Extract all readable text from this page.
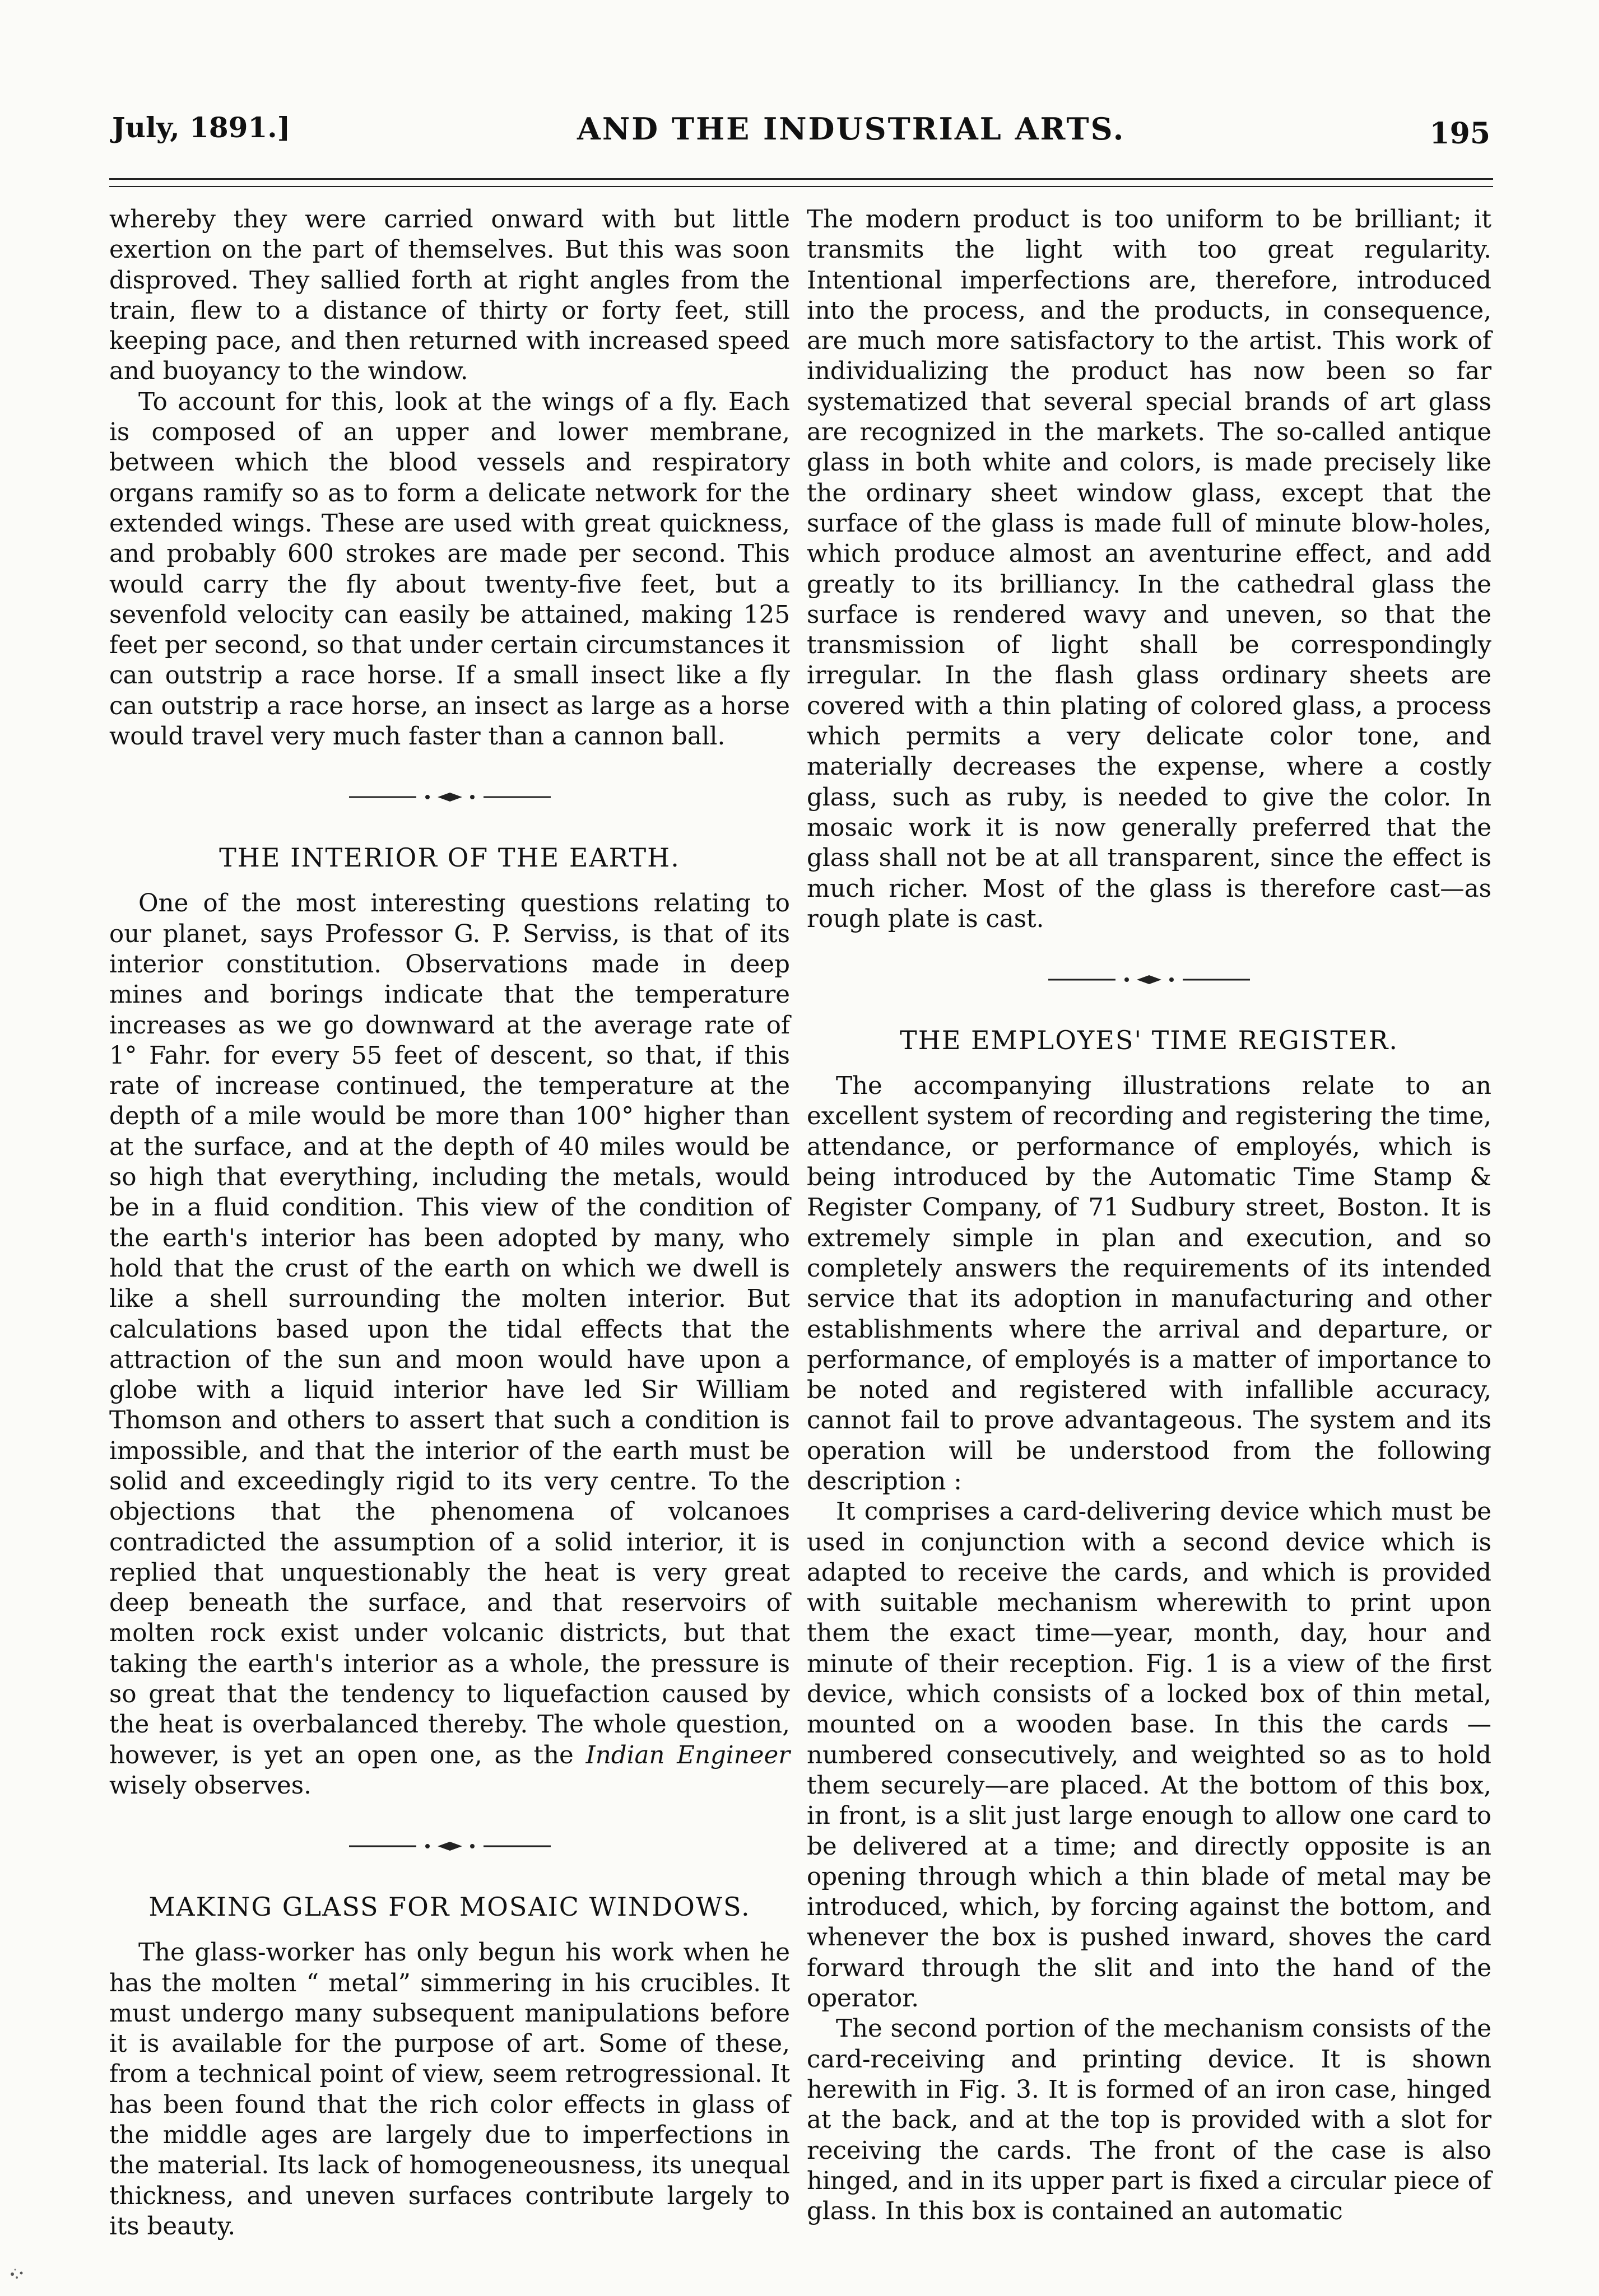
July, 1891.]	AND THE INDUSTRIAL ARTS.	195

whereby they were carried onward with but little exertion on the part of themselves. But this was soon disproved. They sallied forth at right angles from the train, flew to a distance of thirty or forty feet, still keeping pace, and then returned with increased speed and buoyancy to the window.

To account for this, look at the wings of a fly. Each is composed of an upper and lower membrane, between which the blood vessels and respiratory organs ramify so as to form a delicate network for the extended wings. These are used with great quickness, and probably 600 strokes are made per second. This would carry the fly about twenty-five feet, but a sevenfold velocity can easily be attained, making 125 feet per second, so that under certain circumstances it can outstrip a race horse. If a small insect like a fly can outstrip a race horse, an insect as large as a horse would travel very much faster than a cannon ball.

THE INTERIOR OF THE EARTH.

One of the most interesting questions relating to our planet, says Professor G. P. Serviss, is that of its interior constitution. Observations made in deep mines and borings indicate that the temperature increases as we go downward at the average rate of 1° Fahr. for every 55 feet of descent, so that, if this rate of increase continued, the temperature at the depth of a mile would be more than 100° higher than at the surface, and at the depth of 40 miles would be so high that everything, including the metals, would be in a fluid condition. This view of the condition of the earth's interior has been adopted by many, who hold that the crust of the earth on which we dwell is like a shell surrounding the molten interior. But calculations based upon the tidal effects that the attraction of the sun and moon would have upon a globe with a liquid interior have led Sir William Thomson and others to assert that such a condition is impossible, and that the interior of the earth must be solid and exceedingly rigid to its very centre. To the objections that the phenomena of volcanoes contradicted the assumption of a solid interior, it is replied that unquestionably the heat is very great deep beneath the surface, and that reservoirs of molten rock exist under volcanic districts, but that taking the earth's interior as a whole, the pressure is so great that the tendency to liquefaction caused by the heat is overbalanced thereby. The whole question, however, is yet an open one, as the Indian Engineer wisely observes.

MAKING GLASS FOR MOSAIC WINDOWS.

The glass-worker has only begun his work when he has the molten “ metal” simmering in his crucibles. It must undergo many subsequent manipulations before it is available for the purpose of art. Some of these, from a technical point of view, seem retrogressional. It has been found that the rich color effects in glass of the middle ages are largely due to imperfections in the material. Its lack of homogeneousness, its unequal thickness, and uneven surfaces contribute largely to its beauty.

The modern product is too uniform to be brilliant; it transmits the light with too great regularity. Intentional imperfections are, therefore, introduced into the process, and the products, in consequence, are much more satisfactory to the artist. This work of individualizing the product has now been so far systematized that several special brands of art glass are recognized in the markets. The so-called antique glass in both white and colors, is made precisely like the ordinary sheet window glass, except that the surface of the glass is made full of minute blow-holes, which produce almost an aventurine effect, and add greatly to its brilliancy. In the cathedral glass the surface is rendered wavy and uneven, so that the transmission of light shall be correspondingly irregular. In the flash glass ordinary sheets are covered with a thin plating of colored glass, a process which permits a very delicate color tone, and materially decreases the expense, where a costly glass, such as ruby, is needed to give the color. In mosaic work it is now generally preferred that the glass shall not be at all transparent, since the effect is much richer. Most of the glass is therefore cast—as rough plate is cast.

THE EMPLOYES' TIME REGISTER.

The accompanying illustrations relate to an excellent system of recording and registering the time, attendance, or performance of employés, which is being introduced by the Automatic Time Stamp & Register Company, of 71 Sudbury street, Boston. It is extremely simple in plan and execution, and so completely answers the requirements of its intended service that its adoption in manufacturing and other establishments where the arrival and departure, or performance, of employés is a matter of importance to be noted and registered with infallible accuracy, cannot fail to prove advantageous. The system and its operation will be understood from the following description :

It comprises a card-delivering device which must be used in conjunction with a second device which is adapted to receive the cards, and which is provided with suitable mechanism wherewith to print upon them the exact time—year, month, day, hour and minute of their reception. Fig. 1 is a view of the first device, which consists of a locked box of thin metal, mounted on a wooden base. In this the cards —numbered consecutively, and weighted so as to hold them securely—are placed. At the bottom of this box, in front, is a slit just large enough to allow one card to be delivered at a time; and directly opposite is an opening through which a thin blade of metal may be introduced, which, by forcing against the bottom, and whenever the box is pushed inward, shoves the card forward through the slit and into the hand of the operator.

The second portion of the mechanism consists of the card-receiving and printing device. It is shown herewith in Fig. 3. It is formed of an iron case, hinged at the back, and at the top is provided with a slot for receiving the cards. The front of the case is also hinged, and in its upper part is fixed a circular piece of glass. In this box is contained an automatic
